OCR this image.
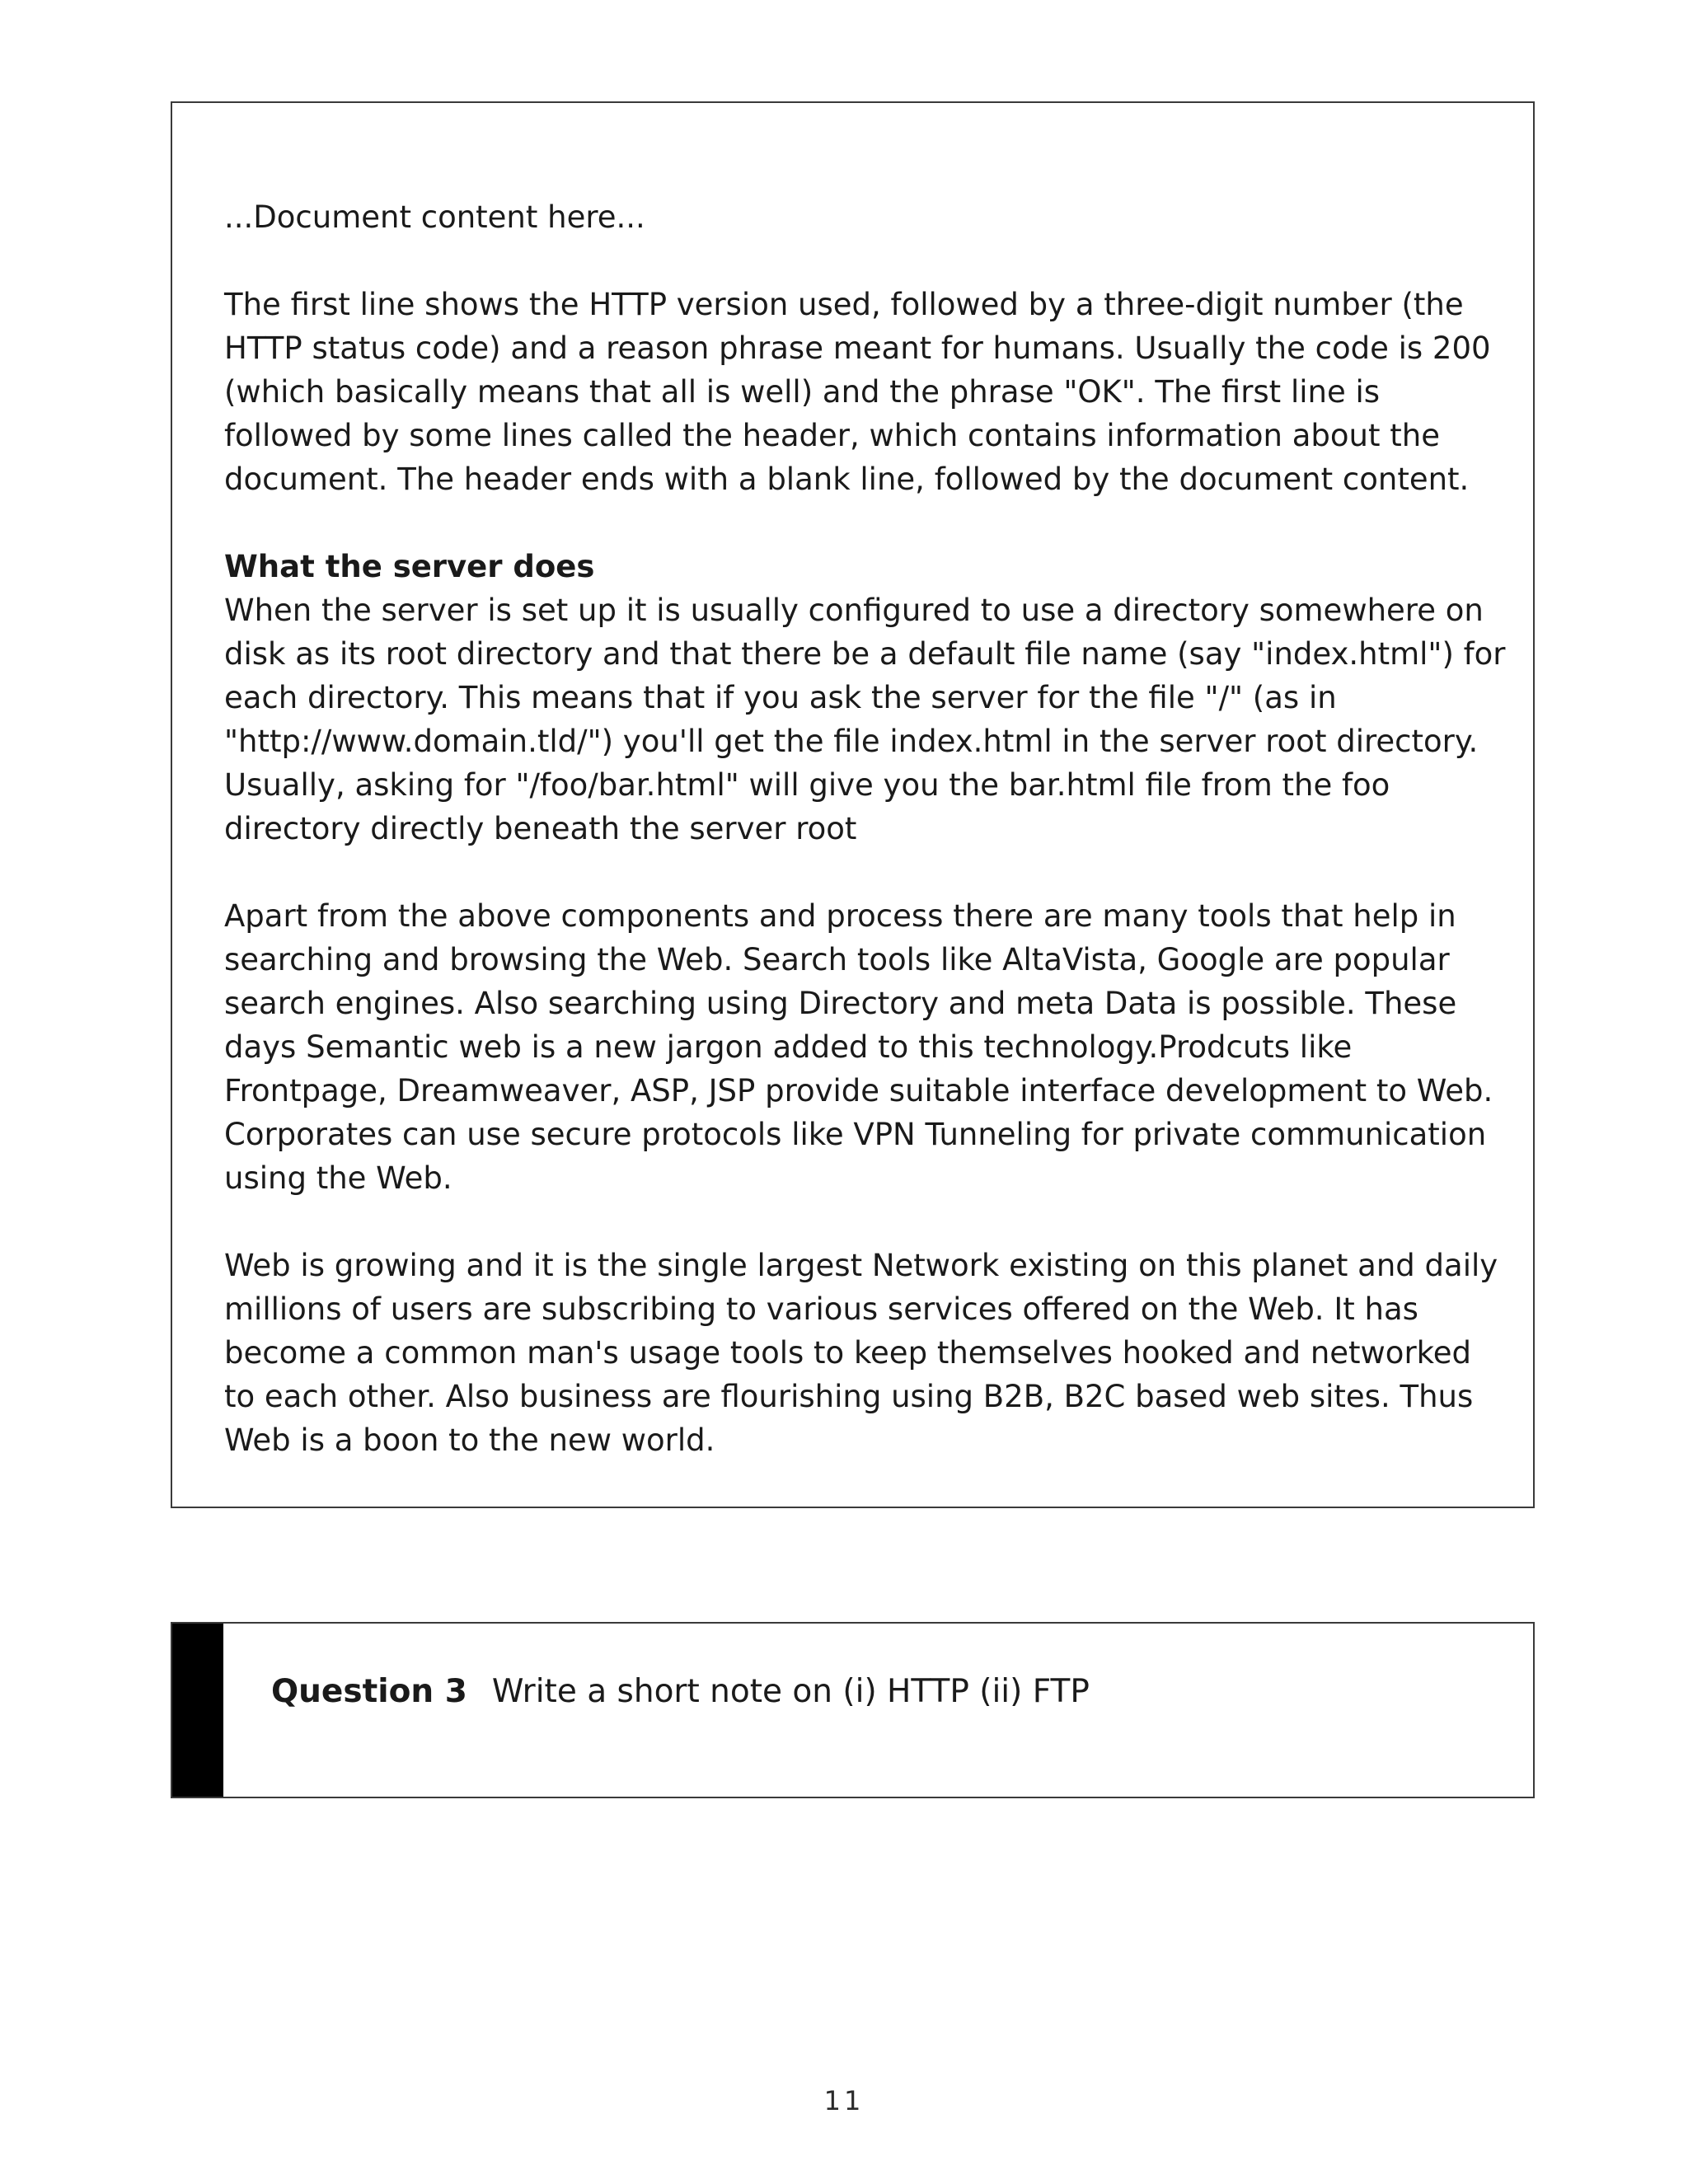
...Document content here...

The first line shows the HTTP version used, followed by a three-digit number (the HTTP status code) and a reason phrase meant for humans. Usually the code is 200 (which basically means that all is well) and the phrase "OK". The first line is followed by some lines called the header, which contains information about the document. The header ends with a blank line, followed by the document content.

What the server does
When the server is set up it is usually configured to use a directory somewhere on disk as its root directory and that there be a default file name (say "index.html") for each directory. This means that if you ask the server for the file "/" (as in "http://www.domain.tld/") you'll get the file index.html in the server root directory. Usually, asking for "/foo/bar.html" will give you the bar.html file from the foo directory directly beneath the server root

Apart from the above components and process there are many tools that help in searching and browsing the Web. Search tools like AltaVista, Google are popular search engines. Also searching using Directory and meta Data is possible. These days Semantic web is a new jargon added to this technology.Prodcuts like Frontpage, Dreamweaver, ASP, JSP provide suitable interface development to Web. Corporates can use secure protocols like VPN Tunneling for private communication using the Web.

Web is growing and it is the single largest Network existing on this planet and daily millions of users are subscribing to various services offered on the Web. It has become a common man's usage tools to keep themselves hooked and networked to each other. Also business are flourishing using B2B, B2C based web sites. Thus Web is a boon to the new world.

Question 3 Write a short note on (i) HTTP (ii) FTP
11
